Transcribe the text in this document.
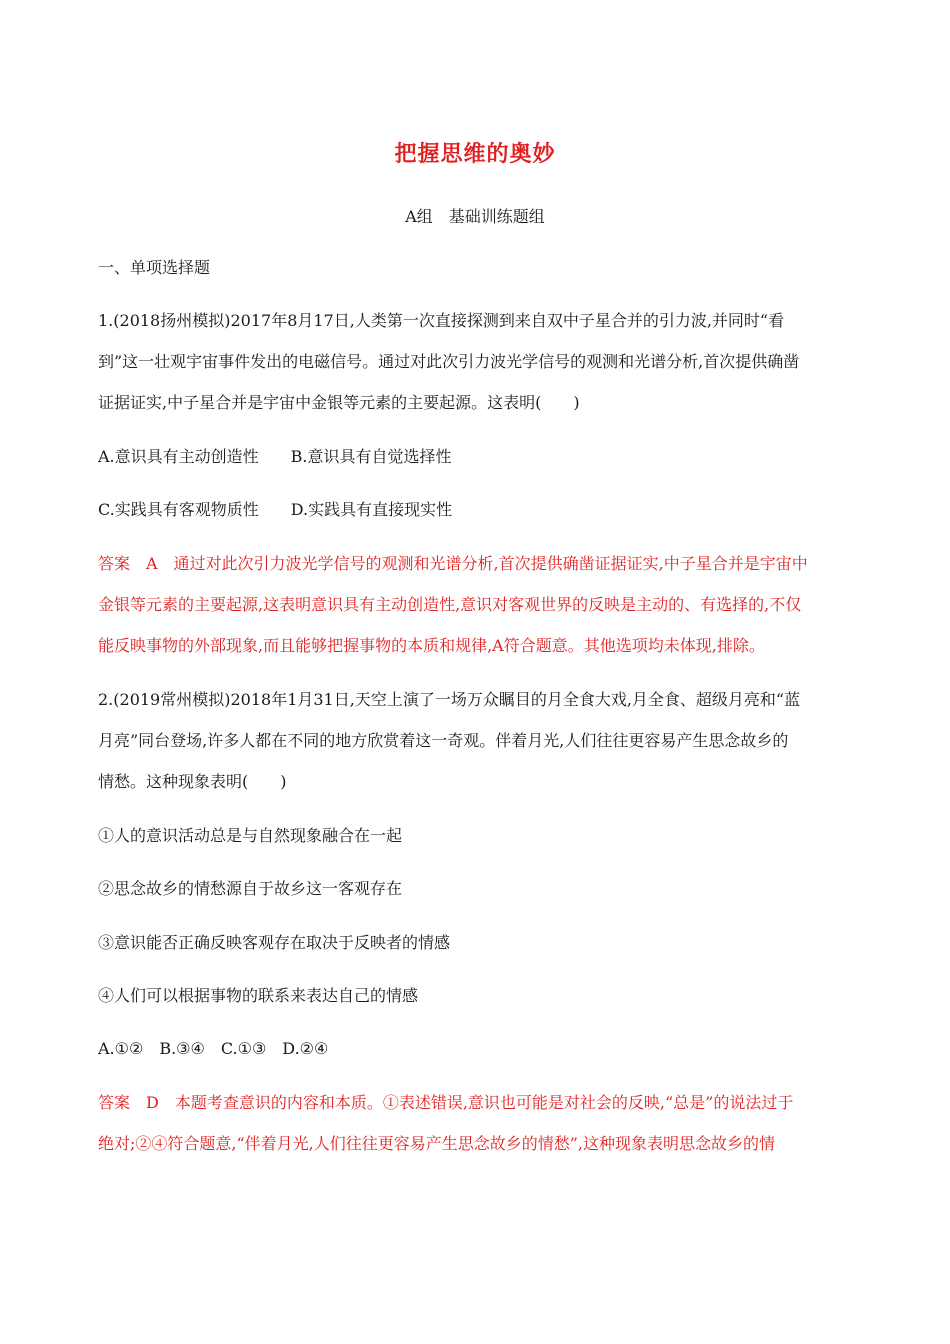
把握思维的奥妙
A组　基础训练题组
一、单项选择题
1.(2018扬州模拟)2017年8月17日,人类第一次直接探测到来自双中子星合并的引力波,并同时“看
到”这一壮观宇宙事件发出的电磁信号。通过对此次引力波光学信号的观测和光谱分析,首次提供确凿
证据证实,中子星合并是宇宙中金银等元素的主要起源。这表明(　　)
A.意识具有主动创造性　　B.意识具有自觉选择性
C.实践具有客观物质性　　D.实践具有直接现实性
答案　A　通过对此次引力波光学信号的观测和光谱分析,首次提供确凿证据证实,中子星合并是宇宙中
金银等元素的主要起源,这表明意识具有主动创造性,意识对客观世界的反映是主动的、有选择的,不仅
能反映事物的外部现象,而且能够把握事物的本质和规律,A符合题意。其他选项均未体现,排除。
2.(2019常州模拟)2018年1月31日,天空上演了一场万众瞩目的月全食大戏,月全食、超级月亮和“蓝
月亮”同台登场,许多人都在不同的地方欣赏着这一奇观。伴着月光,人们往往更容易产生思念故乡的
情愁。这种现象表明(　　)
①人的意识活动总是与自然现象融合在一起
②思念故乡的情愁源自于故乡这一客观存在
③意识能否正确反映客观存在取决于反映者的情感
④人们可以根据事物的联系来表达自己的情感
A.①②　B.③④　C.①③　D.②④
答案　D　本题考查意识的内容和本质。①表述错误,意识也可能是对社会的反映,“总是”的说法过于
绝对;②④符合题意,“伴着月光,人们往往更容易产生思念故乡的情愁”,这种现象表明思念故乡的情
